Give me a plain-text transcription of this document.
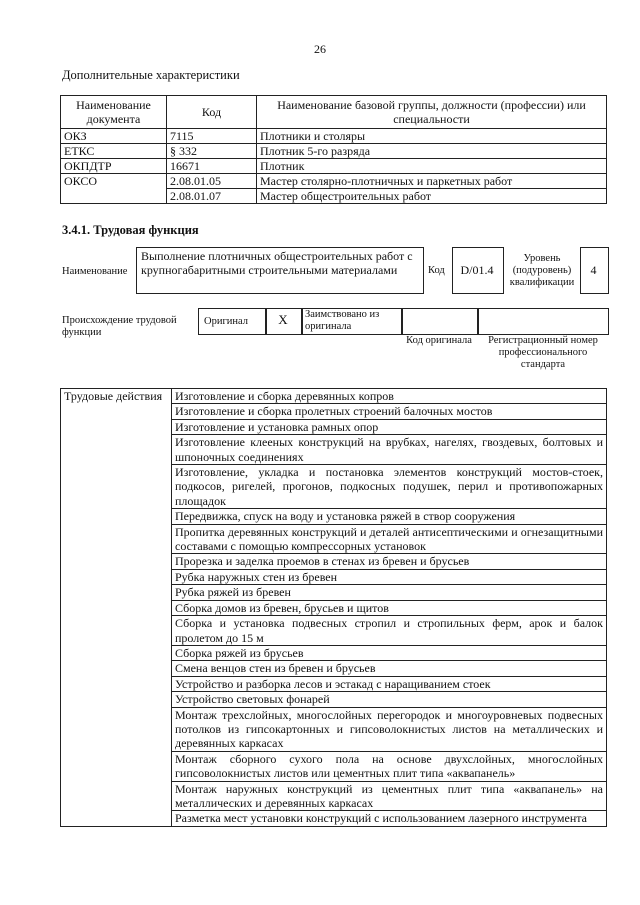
26
Дополнительные характеристики
Наименование документа	Код	Наименование базовой группы, должности (профессии) или специальности
ОКЗ	7115	Плотники и столяры
ЕТКС	§ 332	Плотник 5-го разряда
ОКПДТР	16671	Плотник
ОКСО	2.08.01.05	Мастер столярно-плотничных и паркетных работ
	2.08.01.07	Мастер общестроительных работ
3.4.1. Трудовая функция
Наименование
Выполнение плотничных общестроительных работ с крупногабаритными строительными материалами	Код	D/01.4
Уровень (подуровень) квалификации
4
Происхождение трудовой функции
Оригинал	X	Заимствовано из оригинала
Код оригинала	Регистрационный номер профессионального стандарта
Трудовые действия	Изготовление и сборка деревянных копров
Изготовление и сборка пролетных строений балочных мостов
Изготовление и установка рамных опор
Изготовление клееных конструкций на врубках, нагелях, гвоздевых, болтовых и шпоночных соединениях
Изготовление, укладка и постановка элементов конструкций мостов-стоек, подкосов, ригелей, прогонов, подкосных подушек, перил и противопожарных площадок
Передвижка, спуск на воду и установка ряжей в створ сооружения
Пропитка деревянных конструкций и деталей антисептическими и огнезащитными составами с помощью компрессорных установок
Прорезка и заделка проемов в стенах из бревен и брусьев
Рубка наружных стен из бревен
Рубка ряжей из бревен
Сборка домов из бревен, брусьев и щитов
Сборка и установка подвесных стропил и стропильных ферм, арок и балок пролетом до 15 м
Сборка ряжей из брусьев
Смена венцов стен из бревен и брусьев
Устройство и разборка лесов и эстакад с наращиванием стоек
Устройство световых фонарей
Монтаж трехслойных, многослойных перегородок и многоуровневых подвесных потолков из гипсокартонных и гипсоволокнистых листов на металлических и деревянных каркасах
Монтаж сборного сухого пола на основе двухслойных, многослойных гипсоволокнистых листов или цементных плит типа «аквапанель»
Монтаж наружных конструкций из цементных плит типа «аквапанель» на металлических и деревянных каркасах
Разметка мест установки конструкций с использованием лазерного инструмента
